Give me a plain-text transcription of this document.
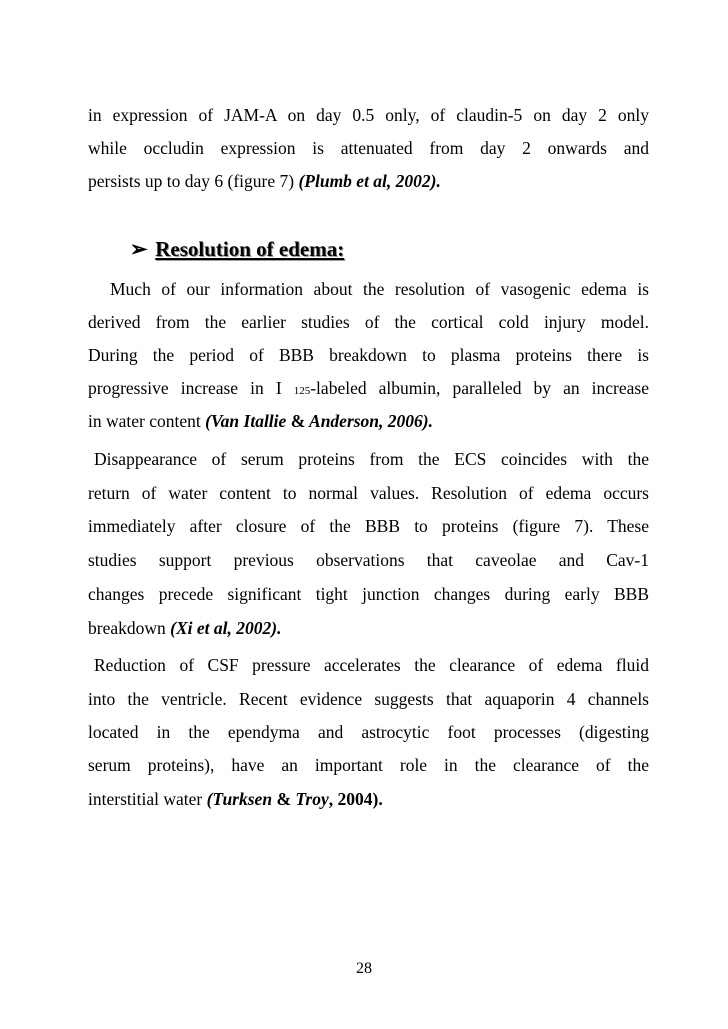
in expression of JAM-A on day 0.5 only, of claudin-5 on day 2 only
while occludin expression is attenuated from day 2 onwards and
persists up to day 6 (figure 7) (Plumb et al, 2002).
➢ Resolution of edema:
Much of our information about the resolution of vasogenic edema is
derived from the earlier studies of the cortical cold injury model.
During the period of BBB breakdown to plasma proteins there is
progressive increase in I 125-labeled albumin, paralleled by an increase
in water content (Van Itallie & Anderson, 2006).
Disappearance of serum proteins from the ECS coincides with the
return of water content to normal values. Resolution of edema occurs
immediately after closure of the BBB to proteins (figure 7). These
studies support previous observations that caveolae and Cav-1
changes precede significant tight junction changes during early BBB
breakdown (Xi et al, 2002).
Reduction of CSF pressure accelerates the clearance of edema fluid
into the ventricle. Recent evidence suggests that aquaporin 4 channels
located in the ependyma and astrocytic foot processes (digesting
serum proteins), have an important role in the clearance of the
interstitial water (Turksen & Troy, 2004).
28
